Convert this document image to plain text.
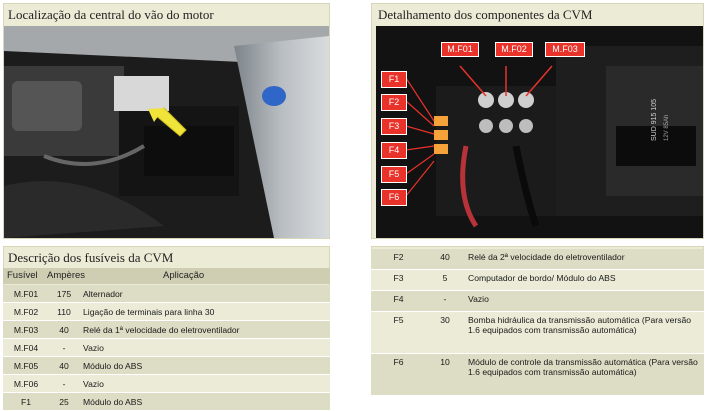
Localização da central do vão do motor
Descrição dos fusíveis da CVM
Fusível Ampères	Aplicação
M.F01	175	Alternador
M.F02	110	Ligação de terminais para linha 30
M.F03	40	Relé da 1ª velocidade do eletroventilador
M.F04	-	Vazio
M.F05	40	Módulo do ABS
M.F06	-	Vazio
F1	25	Módulo do ABS
Detalhamento dos componentes da CVM
SUD 915 105 12V 85Ah
M.F01	M.F02	M.F03
F1
F2
F3
F4
F5
F6
F2	40	Relé da 2ª velocidade do eletroventilador
F3	5	Computador de bordo/ Módulo do ABS
F4	-	Vazio
F5	30	Bomba hidráulica da transmissão automática (Para versão 1.6 equipados com transmissão automática)
F6	10	Módulo de controle da transmissão automática (Para versão 1.6 equipados com transmissão automática)
